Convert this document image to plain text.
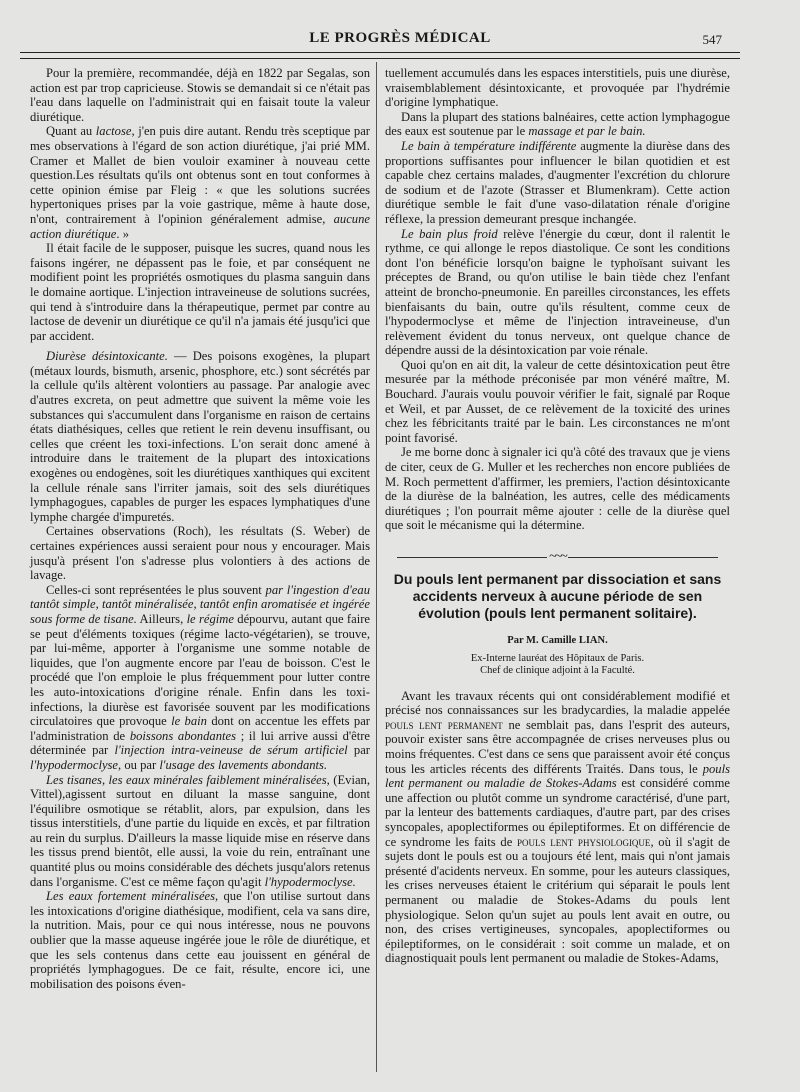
LE PROGRÈS MÉDICAL	547

Pour la première, recommandée, déjà en 1822 par Segalas, son action est par trop capricieuse. Stowis se demandait si ce n'était pas l'eau dans laquelle on l'administrait qui en faisait toute la valeur diurétique.

Quant au lactose, j'en puis dire autant. Rendu très sceptique par mes observations à l'égard de son action diurétique, j'ai prié MM. Cramer et Mallet de bien vouloir examiner à nouveau cette question.Les résultats qu'ils ont obtenus sont en tout conformes à cette opinion émise par Fleig : « que les solutions sucrées hypertoniques prises par la voie gastrique, même à haute dose, n'ont, contrairement à l'opinion généralement admise, aucune action diurétique. »

Il était facile de le supposer, puisque les sucres, quand nous les faisons ingérer, ne dépassent pas le foie, et par conséquent ne modifient point les propriétés osmotiques du plasma sanguin dans le domaine aortique. L'injection intraveineuse de solutions sucrées, qui tend à s'introduire dans la thérapeutique, permet par contre au lactose de devenir un diurétique ce qu'il n'a jamais été jusqu'ici que par accident.

Diurèse désintoxicante. — Des poisons exogènes, la plupart (métaux lourds, bismuth, arsenic, phosphore, etc.) sont sécrétés par la cellule qu'ils altèrent volontiers au passage. Par analogie avec d'autres excreta, on peut admettre que suivent la même voie les substances qui s'accumulent dans l'organisme en raison de certains états diathésiques, celles que retient le rein devenu insuffisant, ou celles que créent les toxi-infections. L'on serait donc amené à introduire dans le traitement de la plupart des intoxications exogènes ou endogènes, soit les diurétiques xanthiques qui excitent la cellule rénale sans l'irriter jamais, soit des sels diurétiques lymphagogues, capables de purger les espaces lymphatiques d'une lymphe chargée d'impuretés.

Certaines observations (Roch), les résultats (S. Weber) de certaines expériences aussi seraient pour nous y encourager. Mais jusqu'à présent l'on s'adresse plus volontiers à des actions de lavage.

Celles-ci sont représentées le plus souvent par l'ingestion d'eau tantôt simple, tantôt minéralisée, tantôt enfin aromatisée et ingérée sous forme de tisane. Ailleurs, le régime dépourvu, autant que faire se peut d'éléments toxiques (régime lacto-végétarien), se trouve, par lui-même, apporter à l'organisme une somme notable de liquides, que l'on augmente encore par l'eau de boisson. C'est le procédé que l'on emploie le plus fréquemment pour lutter contre les auto-intoxications d'origine rénale. Enfin dans les toxi-infections, la diurèse est favorisée souvent par les modifications circulatoires que provoque le bain dont on accentue les effets par l'administration de boissons abondantes ; il lui arrive aussi d'être déterminée par l'injection intra-veineuse de sérum artificiel par l'hypodermoclyse, ou par l'usage des lavements abondants.

Les tisanes, les eaux minérales faiblement minéralisées, (Evian, Vittel),agissent surtout en diluant la masse sanguine, dont l'équilibre osmotique se rétablit, alors, par expulsion, dans les tissus interstitiels, d'une partie du liquide en excès, et par filtration au rein du surplus. D'ailleurs la masse liquide mise en réserve dans les tissus prend bientôt, elle aussi, la voie du rein, entraînant une quantité plus ou moins considérable des déchets jusqu'alors retenus dans l'organisme. C'est ce même façon qu'agit l'hypodermoclyse.

Les eaux fortement minéralisées, que l'on utilise surtout dans les intoxications d'origine diathésique, modifient, cela va sans dire, la nutrition. Mais, pour ce qui nous intéresse, nous ne pouvons oublier que la masse aqueuse ingérée joue le rôle de diurétique, et que les sels contenus dans cette eau jouissent en général de propriétés lymphagogues. De ce fait, résulte, encore ici, une mobilisation des poisons éven-

tuellement accumulés dans les espaces interstitiels, puis une diurèse, vraisemblablement désintoxicante, et provoquée par l'hydrémie d'origine lymphatique.

Dans la plupart des stations balnéaires, cette action lymphagogue des eaux est soutenue par le massage et par le bain.

Le bain à température indifférente augmente la diurèse dans des proportions suffisantes pour influencer le bilan quotidien et est capable chez certains malades, d'augmenter l'excrétion du chlorure de sodium et de l'azote (Strasser et Blumenkram). Cette action diurétique semble le fait d'une vaso-dilatation rénale d'origine réflexe, la pression demeurant presque inchangée.

Le bain plus froid relève l'énergie du cœur, dont il ralentit le rythme, ce qui allonge le repos diastolique. Ce sont les conditions dont l'on bénéficie lorsqu'on baigne le typhoïsant suivant les préceptes de Brand, ou qu'on utilise le bain tiède chez l'enfant atteint de broncho-pneumonie. En pareilles circonstances, les effets bienfaisants du bain, outre qu'ils résultent, comme ceux de l'hypodermoclyse et même de l'injection intraveineuse, d'un relèvement évident du tonus nerveux, ont quelque chance de dépendre aussi de la désintoxication par voie rénale.

Quoi qu'on en ait dit, la valeur de cette désintoxication peut être mesurée par la méthode préconisée par mon vénéré maître, M. Bouchard. J'aurais voulu pouvoir vérifier le fait, signalé par Roque et Weil, et par Ausset, de ce relèvement de la toxicité des urines chez les fébricitants traité par le bain. Les circonstances ne m'ont point favorisé.

Je me borne donc à signaler ici qu'à côté des travaux que je viens de citer, ceux de G. Muller et les recherches non encore publiées de M. Roch permettent d'affirmer, les premiers, l'action désintoxicante de la diurèse de la balnéation, les autres, celle des médicaments diurétiques ; l'on pourrait même ajouter : celle de la diurèse quel que soit le mécanisme qui la détermine.

~~~
Du pouls lent permanent par dissociation et sans accidents nerveux à aucune période de sen évolution (pouls lent permanent solitaire).
Par M. Camille LIAN.
Ex-Interne lauréat des Hôpitaux de Paris.
Chef de clinique adjoint à la Faculté.

Avant les travaux récents qui ont considérablement modifié et précisé nos connaissances sur les bradycardies, la maladie appelée pouls lent permanent ne semblait pas, dans l'esprit des auteurs, pouvoir exister sans être accompagnée de crises nerveuses plus ou moins fréquentes. C'est dans ce sens que paraissent avoir été conçus tous les articles récents des différents Traités. Dans tous, le pouls lent permanent ou maladie de Stokes-Adams est considéré comme une affection ou plutôt comme un syndrome caractérisé, d'une part, par la lenteur des battements cardiaques, d'autre part, par des crises syncopales, apoplectiformes ou épileptiformes. Et on différencie de ce syndrome les faits de pouls lent physiologique, où il s'agit de sujets dont le pouls est ou a toujours été lent, mais qui n'ont jamais présenté d'acidents nerveux. En somme, pour les auteurs classiques, les crises nerveuses étaient le critérium qui séparait le pouls lent permanent ou maladie de Stokes-Adams du pouls lent physiologique. Selon qu'un sujet au pouls lent avait en outre, ou non, des crises vertigineuses, syncopales, apoplectiformes ou épileptiformes, on le considérait : soit comme un malade, et on diagnostiquait pouls lent permanent ou maladie de Stokes-Adams,
